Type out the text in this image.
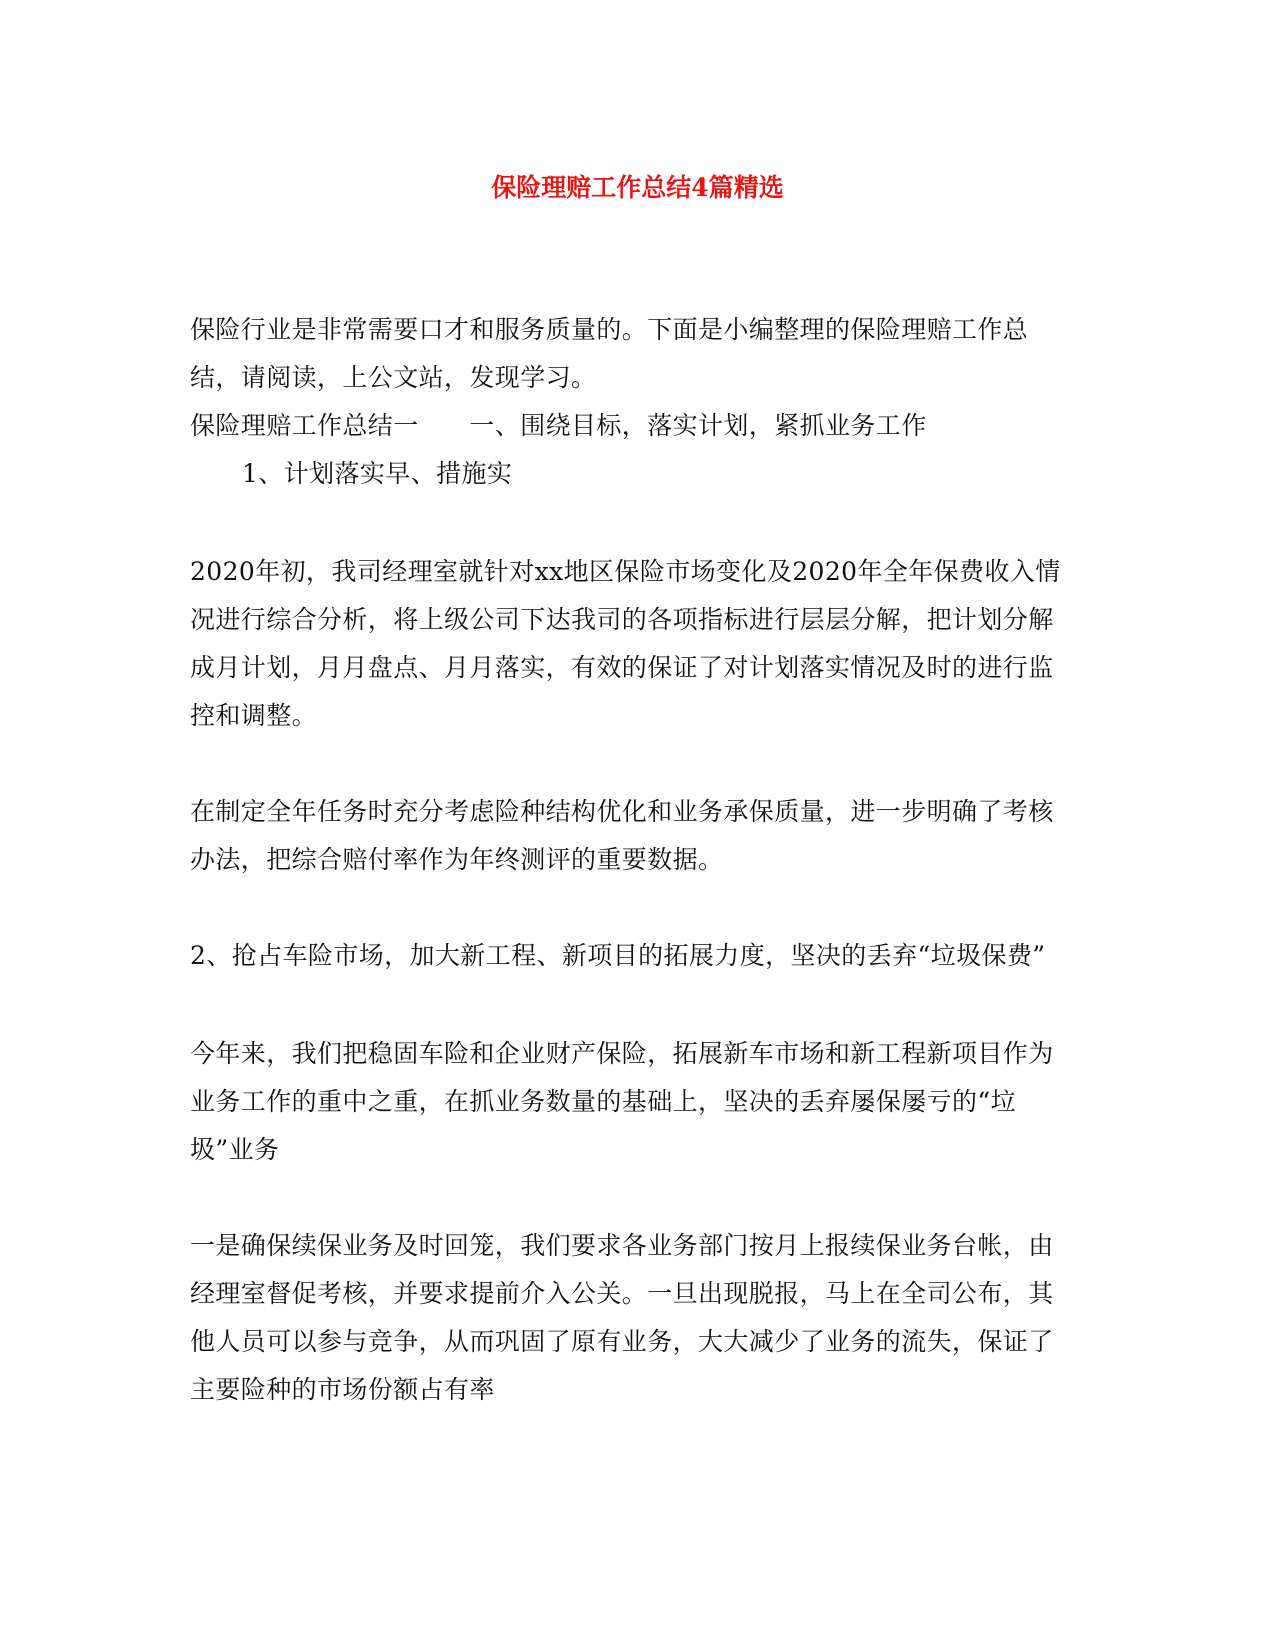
保险理赔工作总结4篇精选

保险行业是非常需要口才和服务质量的。下面是小编整理的保险理赔工作总结，请阅读，上公文站，发现学习。

保险理赔工作总结一　　一、围绕目标，落实计划，紧抓业务工作

1、计划落实早、措施实

2020年初，我司经理室就针对xx地区保险市场变化及2020年全年保费收入情况进行综合分析，将上级公司下达我司的各项指标进行层层分解，把计划分解成月计划，月月盘点、月月落实，有效的保证了对计划落实情况及时的进行监控和调整。

在制定全年任务时充分考虑险种结构优化和业务承保质量，进一步明确了考核办法，把综合赔付率作为年终测评的重要数据。

2、抢占车险市场，加大新工程、新项目的拓展力度，坚决的丢弃“垃圾保费”

今年来，我们把稳固车险和企业财产保险，拓展新车市场和新工程新项目作为业务工作的重中之重，在抓业务数量的基础上，坚决的丢弃屡保屡亏的“垃圾”业务

一是确保续保业务及时回笼，我们要求各业务部门按月上报续保业务台帐，由经理室督促考核，并要求提前介入公关。一旦出现脱报，马上在全司公布，其他人员可以参与竞争，从而巩固了原有业务，大大减少了业务的流失，保证了主要险种的市场份额占有率
